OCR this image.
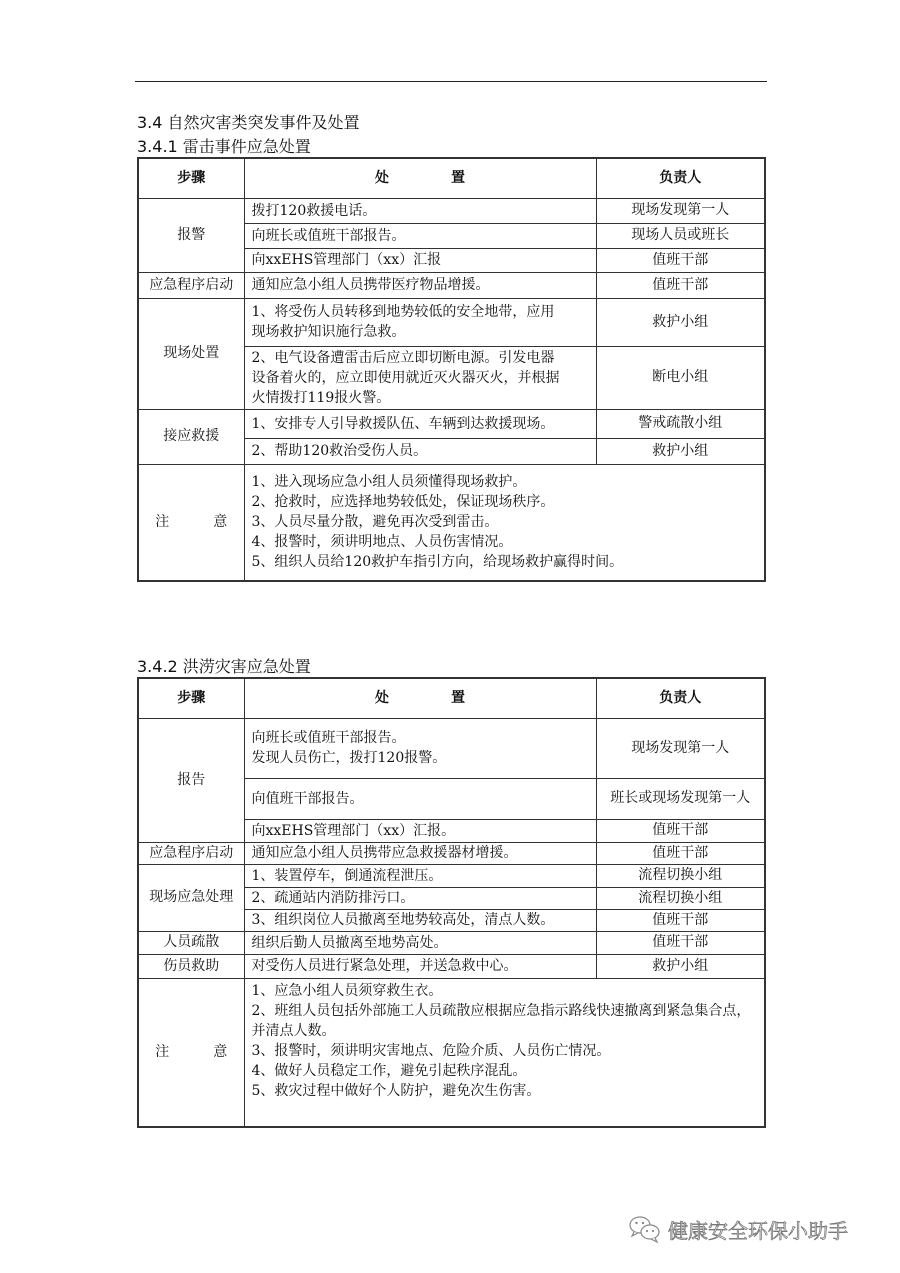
3.4 自然灾害类突发事件及处置
3.4.1 雷击事件应急处置
步骤	处 置	负责人
报警	拨打120救援电话。	现场发现第一人

	向班长或值班干部报告。	现场人员或班长

	向xxEHS管理部门（xx）汇报	值班干部
应急程序启动	通知应急小组人员携带医疗物品增援。	值班干部
现场处置	1、将受伤人员转移到地势较低的安全地带，应用
现场救护知识施行急救。	救护小组

	2、电气设备遭雷击后应立即切断电源。引发电器
设备着火的，应立即使用就近灭火器灭火，并根据
火情拨打119报火警。	断电小组
接应救援	1、安排专人引导救援队伍、车辆到达救援现场。	警戒疏散小组

	2、帮助120救治受伤人员。	救护小组
注 意	1、进入现场应急小组人员须懂得现场救护。
2、抢救时，应选择地势较低处，保证现场秩序。
3、人员尽量分散，避免再次受到雷击。
4、报警时，须讲明地点、人员伤害情况。
5、组织人员给120救护车指引方向，给现场救护赢得时间。	
3.4.2 洪涝灾害应急处置
步骤	处 置	负责人
报告	向班长或值班干部报告。
发现人员伤亡，拨打120报警。	现场发现第一人

	向值班干部报告。	班长或现场发现第一人

	向xxEHS管理部门（xx）汇报。	值班干部
应急程序启动	通知应急小组人员携带应急救援器材增援。	值班干部
现场应急处理	1、装置停车，倒通流程泄压。	流程切换小组

	2、疏通站内消防排污口。	流程切换小组

	3、组织岗位人员撤离至地势较高处，清点人数。	值班干部
人员疏散	组织后勤人员撤离至地势高处。	值班干部
伤员救助	对受伤人员进行紧急处理，并送急救中心。	救护小组
注 意	1、应急小组人员须穿救生衣。
2、班组人员包括外部施工人员疏散应根据应急指示路线快速撤离到紧急集合点，并清点人数。
3、报警时，须讲明灾害地点、危险介质、人员伤亡情况。
4、做好人员稳定工作，避免引起秩序混乱。
5、救灾过程中做好个人防护，避免次生伤害。	
健康安全环保小助手
